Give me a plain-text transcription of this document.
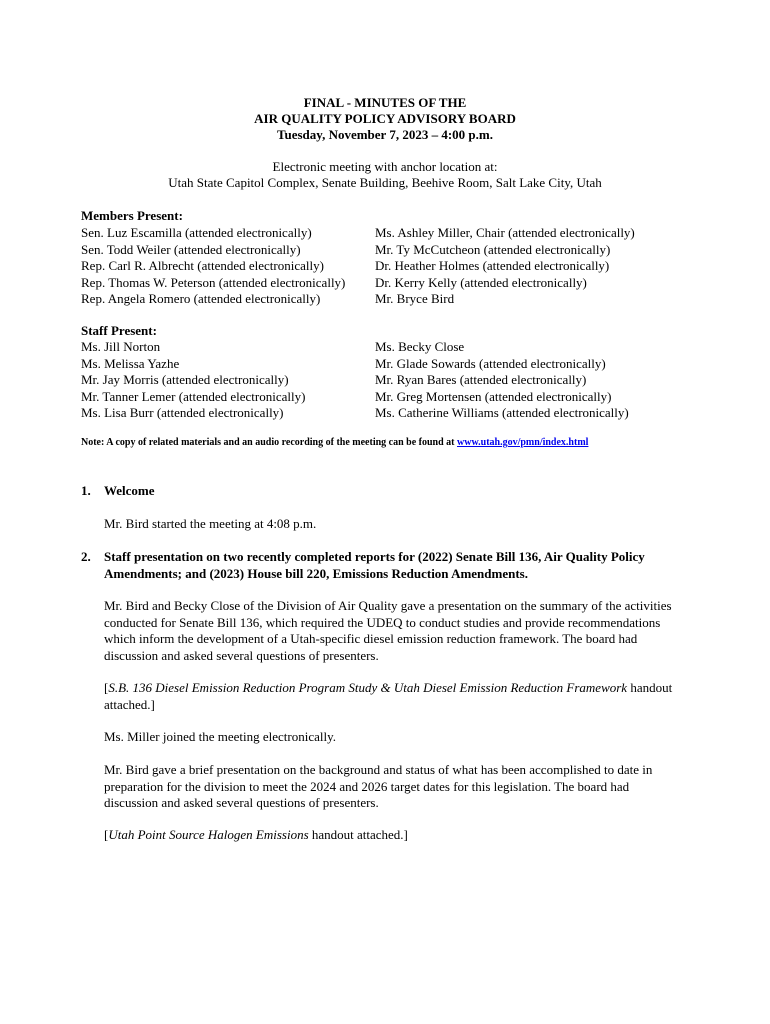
FINAL - MINUTES OF THE
AIR QUALITY POLICY ADVISORY BOARD
Tuesday, November 7, 2023 – 4:00 p.m.
Electronic meeting with anchor location at:
Utah State Capitol Complex, Senate Building, Beehive Room, Salt Lake City, Utah
Members Present:
Sen. Luz Escamilla (attended electronically)
Sen. Todd Weiler (attended electronically)
Rep. Carl R. Albrecht (attended electronically)
Rep. Thomas W. Peterson (attended electronically)
Rep. Angela Romero (attended electronically)
Ms. Ashley Miller, Chair (attended electronically)
Mr. Ty McCutcheon (attended electronically)
Dr. Heather Holmes (attended electronically)
Dr. Kerry Kelly (attended electronically)
Mr. Bryce Bird
Staff Present:
Ms. Jill Norton
Ms. Melissa Yazhe
Mr. Jay Morris (attended electronically)
Mr. Tanner Lemer (attended electronically)
Ms. Lisa Burr (attended electronically)
Ms. Becky Close
Mr. Glade Sowards (attended electronically)
Mr. Ryan Bares (attended electronically)
Mr. Greg Mortensen (attended electronically)
Ms. Catherine Williams (attended electronically)
Note: A copy of related materials and an audio recording of the meeting can be found at www.utah.gov/pmn/index.html
1. Welcome
Mr. Bird started the meeting at 4:08 p.m.
2. Staff presentation on two recently completed reports for (2022) Senate Bill 136, Air Quality Policy Amendments; and (2023) House bill 220, Emissions Reduction Amendments.
Mr. Bird and Becky Close of the Division of Air Quality gave a presentation on the summary of the activities conducted for Senate Bill 136, which required the UDEQ to conduct studies and provide recommendations which inform the development of a Utah-specific diesel emission reduction framework. The board had discussion and asked several questions of presenters.
[S.B. 136 Diesel Emission Reduction Program Study & Utah Diesel Emission Reduction Framework handout attached.]
Ms. Miller joined the meeting electronically.
Mr. Bird gave a brief presentation on the background and status of what has been accomplished to date in preparation for the division to meet the 2024 and 2026 target dates for this legislation. The board had discussion and asked several questions of presenters.
[Utah Point Source Halogen Emissions handout attached.]
